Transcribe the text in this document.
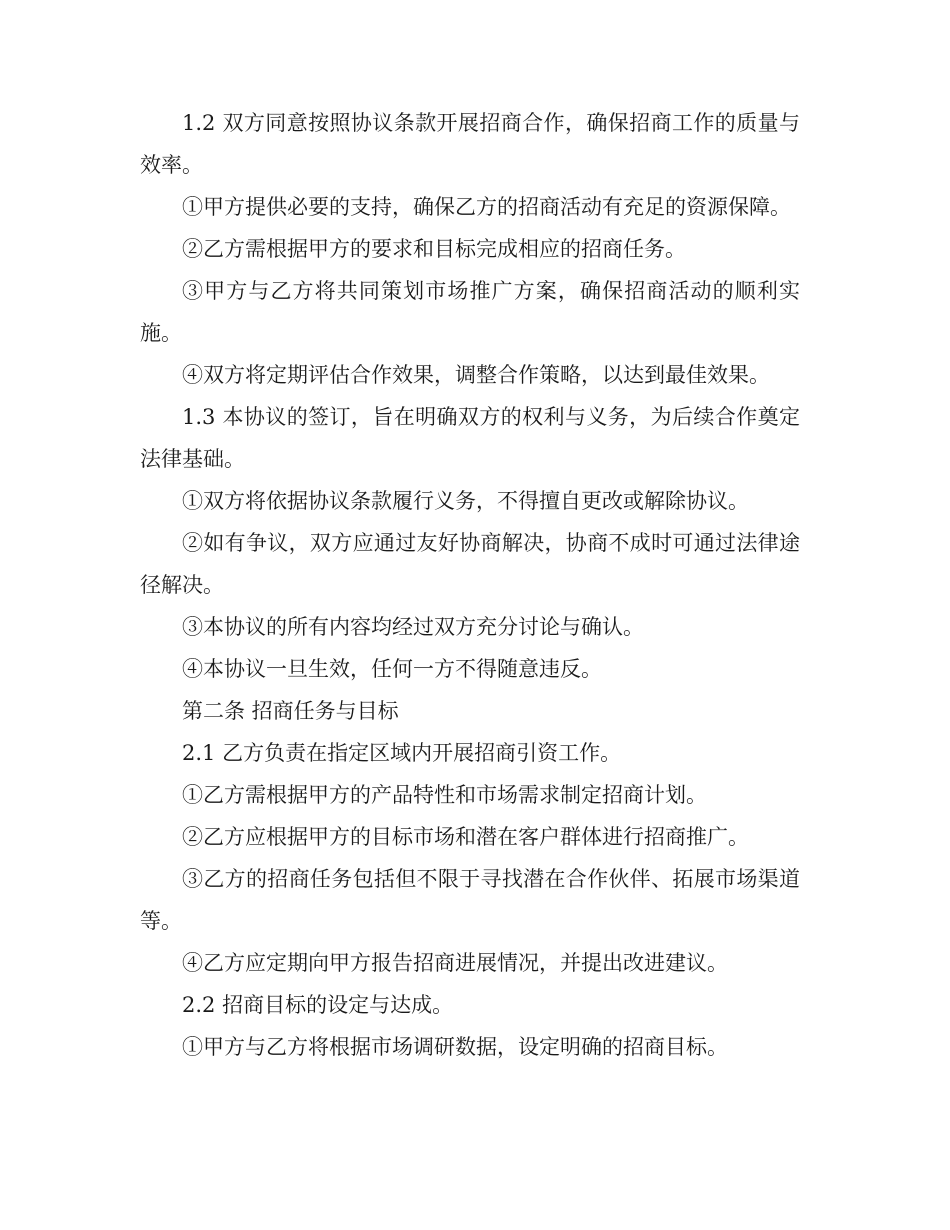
1.2 双方同意按照协议条款开展招商合作，确保招商工作的质量与效率。

①甲方提供必要的支持，确保乙方的招商活动有充足的资源保障。

②乙方需根据甲方的要求和目标完成相应的招商任务。

③甲方与乙方将共同策划市场推广方案，确保招商活动的顺利实施。

④双方将定期评估合作效果，调整合作策略，以达到最佳效果。

1.3 本协议的签订，旨在明确双方的权利与义务，为后续合作奠定法律基础。

①双方将依据协议条款履行义务，不得擅自更改或解除协议。

②如有争议，双方应通过友好协商解决，协商不成时可通过法律途径解决。

③本协议的所有内容均经过双方充分讨论与确认。

④本协议一旦生效，任何一方不得随意违反。

第二条 招商任务与目标

2.1 乙方负责在指定区域内开展招商引资工作。

①乙方需根据甲方的产品特性和市场需求制定招商计划。

②乙方应根据甲方的目标市场和潜在客户群体进行招商推广。

③乙方的招商任务包括但不限于寻找潜在合作伙伴、拓展市场渠道等。

④乙方应定期向甲方报告招商进展情况，并提出改进建议。

2.2 招商目标的设定与达成。

①甲方与乙方将根据市场调研数据，设定明确的招商目标。
